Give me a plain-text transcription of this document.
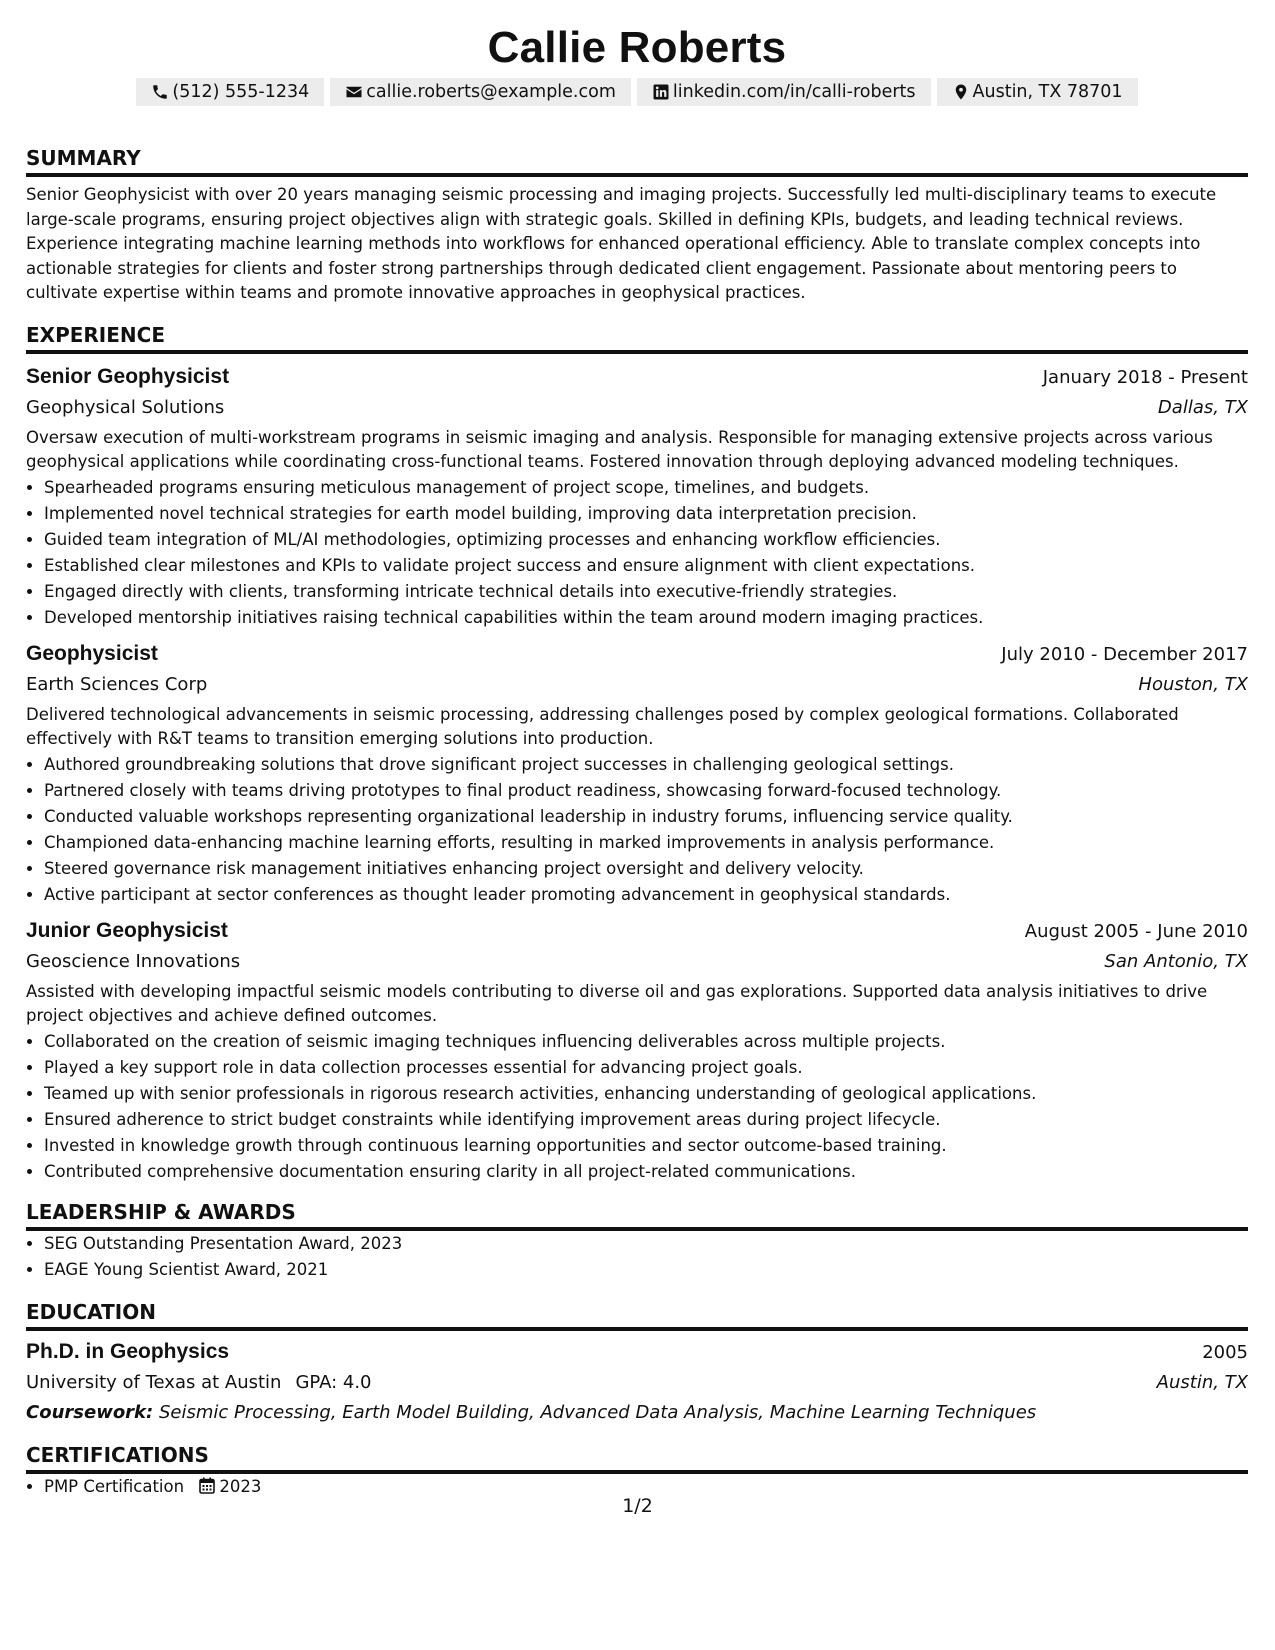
Callie Roberts
(512) 555-1234	callie.roberts@example.com	linkedin.com/in/calli-roberts	Austin, TX 78701
SUMMARY
Senior Geophysicist with over 20 years managing seismic processing and imaging projects. Successfully led multi-disciplinary teams to execute large-scale programs, ensuring project objectives align with strategic goals. Skilled in defining KPIs, budgets, and leading technical reviews. Experience integrating machine learning methods into workflows for enhanced operational efficiency. Able to translate complex concepts into actionable strategies for clients and foster strong partnerships through dedicated client engagement. Passionate about mentoring peers to cultivate expertise within teams and promote innovative approaches in geophysical practices.
EXPERIENCE
Senior Geophysicist	January 2018 - Present
Geophysical Solutions	Dallas, TX
Oversaw execution of multi-workstream programs in seismic imaging and analysis. Responsible for managing extensive projects across various geophysical applications while coordinating cross-functional teams. Fostered innovation through deploying advanced modeling techniques.
• Spearheaded programs ensuring meticulous management of project scope, timelines, and budgets.
• Implemented novel technical strategies for earth model building, improving data interpretation precision.
• Guided team integration of ML/AI methodologies, optimizing processes and enhancing workflow efficiencies.
• Established clear milestones and KPIs to validate project success and ensure alignment with client expectations.
• Engaged directly with clients, transforming intricate technical details into executive-friendly strategies.
• Developed mentorship initiatives raising technical capabilities within the team around modern imaging practices.
Geophysicist	July 2010 - December 2017
Earth Sciences Corp	Houston, TX
Delivered technological advancements in seismic processing, addressing challenges posed by complex geological formations. Collaborated effectively with R&T teams to transition emerging solutions into production.
• Authored groundbreaking solutions that drove significant project successes in challenging geological settings.
• Partnered closely with teams driving prototypes to final product readiness, showcasing forward-focused technology.
• Conducted valuable workshops representing organizational leadership in industry forums, influencing service quality.
• Championed data-enhancing machine learning efforts, resulting in marked improvements in analysis performance.
• Steered governance risk management initiatives enhancing project oversight and delivery velocity.
• Active participant at sector conferences as thought leader promoting advancement in geophysical standards.
Junior Geophysicist	August 2005 - June 2010
Geoscience Innovations	San Antonio, TX
Assisted with developing impactful seismic models contributing to diverse oil and gas explorations. Supported data analysis initiatives to drive project objectives and achieve defined outcomes.
• Collaborated on the creation of seismic imaging techniques influencing deliverables across multiple projects.
• Played a key support role in data collection processes essential for advancing project goals.
• Teamed up with senior professionals in rigorous research activities, enhancing understanding of geological applications.
• Ensured adherence to strict budget constraints while identifying improvement areas during project lifecycle.
• Invested in knowledge growth through continuous learning opportunities and sector outcome-based training.
• Contributed comprehensive documentation ensuring clarity in all project-related communications.
LEADERSHIP & AWARDS
• SEG Outstanding Presentation Award, 2023
• EAGE Young Scientist Award, 2021
EDUCATION
Ph.D. in Geophysics	2005
University of Texas at Austin GPA: 4.0	Austin, TX
Coursework: Seismic Processing, Earth Model Building, Advanced Data Analysis, Machine Learning Techniques
CERTIFICATIONS
• PMP Certification 2023
1/2
